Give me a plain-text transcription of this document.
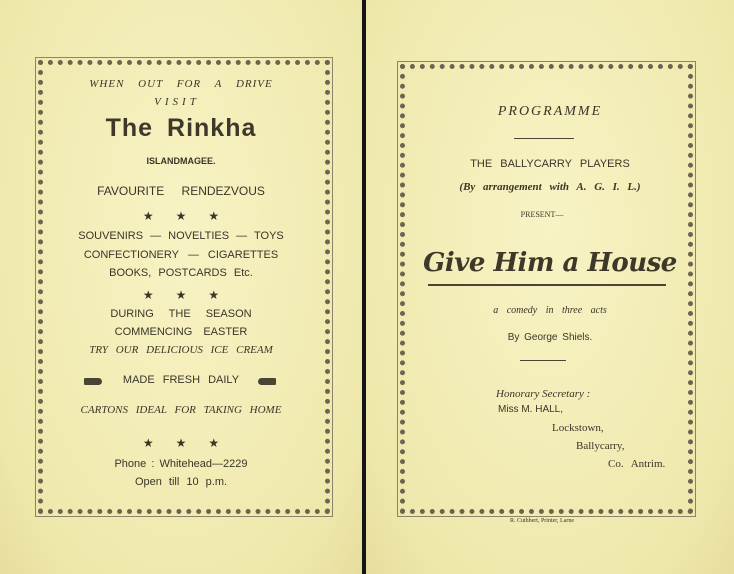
WHEN OUT FOR A DRIVE
VISIT
The Rinkha
ISLANDMAGEE.
FAVOURITE RENDEZVOUS
★★★
SOUVENIRS — NOVELTIES — TOYS
CONFECTIONERY — CIGARETTES
BOOKS, POSTCARDS Etc.
★★★
DURING THE SEASON
COMMENCING EASTER
TRY OUR DELICIOUS ICE CREAM
MADE FRESH DAILY
CARTONS IDEAL FOR TAKING HOME
★★★
Phone : Whitehead—2229
Open till 10 p.m.
PROGRAMME
THE BALLYCARRY PLAYERS
(By arrangement with A. G. I. L.)
PRESENT—
Give Him a House
a comedy in three acts
By George Shiels.
Honorary Secretary :
Miss M. HALL,
Lockstown,
Ballycarry,
Co. Antrim.
R. Cuthbert, Printer, Larne
